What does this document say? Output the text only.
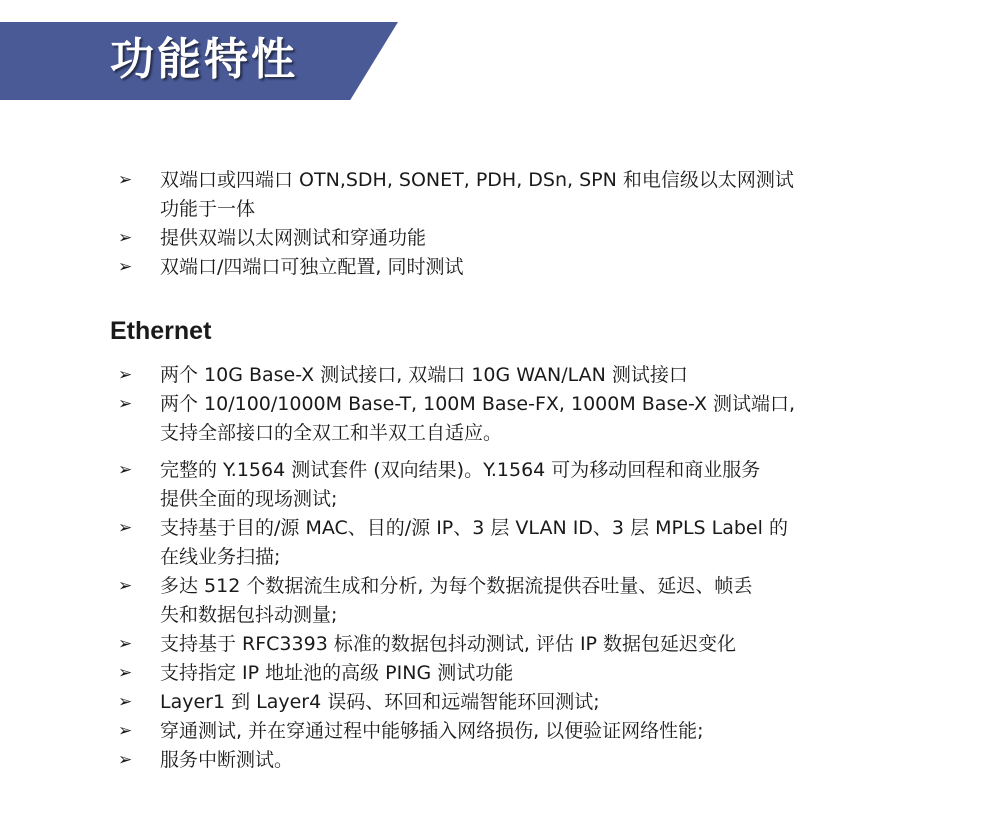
功能特性
➢ 双端口或四端口 OTN,SDH, SONET, PDH, DSn, SPN 和电信级以太网测试
功能于一体
➢ 提供双端以太网测试和穿通功能
➢ 双端口/四端口可独立配置, 同时测试
Ethernet
➢ 两个 10G Base-X 测试接口, 双端口 10G WAN/LAN 测试接口
➢ 两个 10/100/1000M Base-T, 100M Base-FX, 1000M Base-X 测试端口,
支持全部接口的全双工和半双工自适应。
➢ 完整的 Y.1564 测试套件 (双向结果)。Y.1564 可为移动回程和商业服务
提供全面的现场测试;
➢ 支持基于目的/源 MAC、目的/源 IP、3 层 VLAN ID、3 层 MPLS Label 的
在线业务扫描;
➢ 多达 512 个数据流生成和分析, 为每个数据流提供吞吐量、延迟、帧丢
失和数据包抖动测量;
➢ 支持基于 RFC3393 标准的数据包抖动测试, 评估 IP 数据包延迟变化
➢ 支持指定 IP 地址池的高级 PING 测试功能
➢ Layer1 到 Layer4 误码、环回和远端智能环回测试;
➢ 穿通测试, 并在穿通过程中能够插入网络损伤, 以便验证网络性能;
➢ 服务中断测试。
